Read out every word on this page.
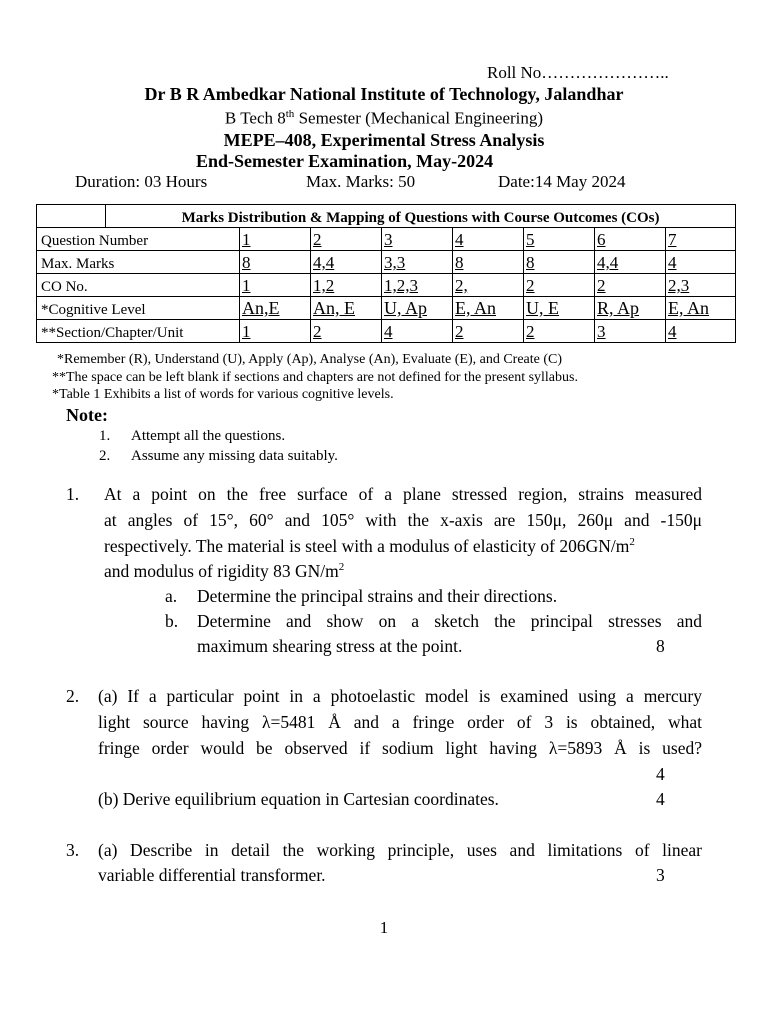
Roll No…………………..
Dr B R Ambedkar National Institute of Technology, Jalandhar
B Tech 8th Semester (Mechanical Engineering)
MEPE–408, Experimental Stress Analysis
End-Semester Examination, May-2024
Duration: 03 Hours	Max. Marks: 50	Date:14 May 2024
	Marks Distribution & Mapping of Questions with Course Outcomes (COs)							
Question Number		1	2	3	4	5	6	7
Max. Marks		8	4,4	3,3	8	8	4,4	4
CO No.		1	1,2	1,2,3	2,	2	2	2,3
*Cognitive Level		An,E	An, E	U, Ap	E, An	U, E	R, Ap	E, An
**Section/Chapter/Unit		1	2	4	2	2	3	4
*Remember (R), Understand (U), Apply (Ap), Analyse (An), Evaluate (E), and Create (C)
**The space can be left blank if sections and chapters are not defined for the present syllabus.
*Table 1 Exhibits a list of words for various cognitive levels.
Note:
1. Attempt all the questions.
2. Assume any missing data suitably.
1. At a point on the free surface of a plane stressed region, strains measured
at angles of 15°, 60° and 105° with the x-axis are 150μ, 260μ and -150μ
respectively. The material is steel with a modulus of elasticity of $206GN/m^2$
and modulus of rigidity 83 $GN/m^2$
a. Determine the principal strains and their directions.
b. Determine and show on a sketch the principal stresses and
maximum shearing stress at the point.	8
2. (a) If a particular point in a photoelastic model is examined using a mercury
light source having λ=5481 Å and a fringe order of 3 is obtained, what
fringe order would be observed if sodium light having λ=5893 Å is used?
4
(b) Derive equilibrium equation in Cartesian coordinates.	4
3. (a) Describe in detail the working principle, uses and limitations of linear
variable differential transformer.	3
1
